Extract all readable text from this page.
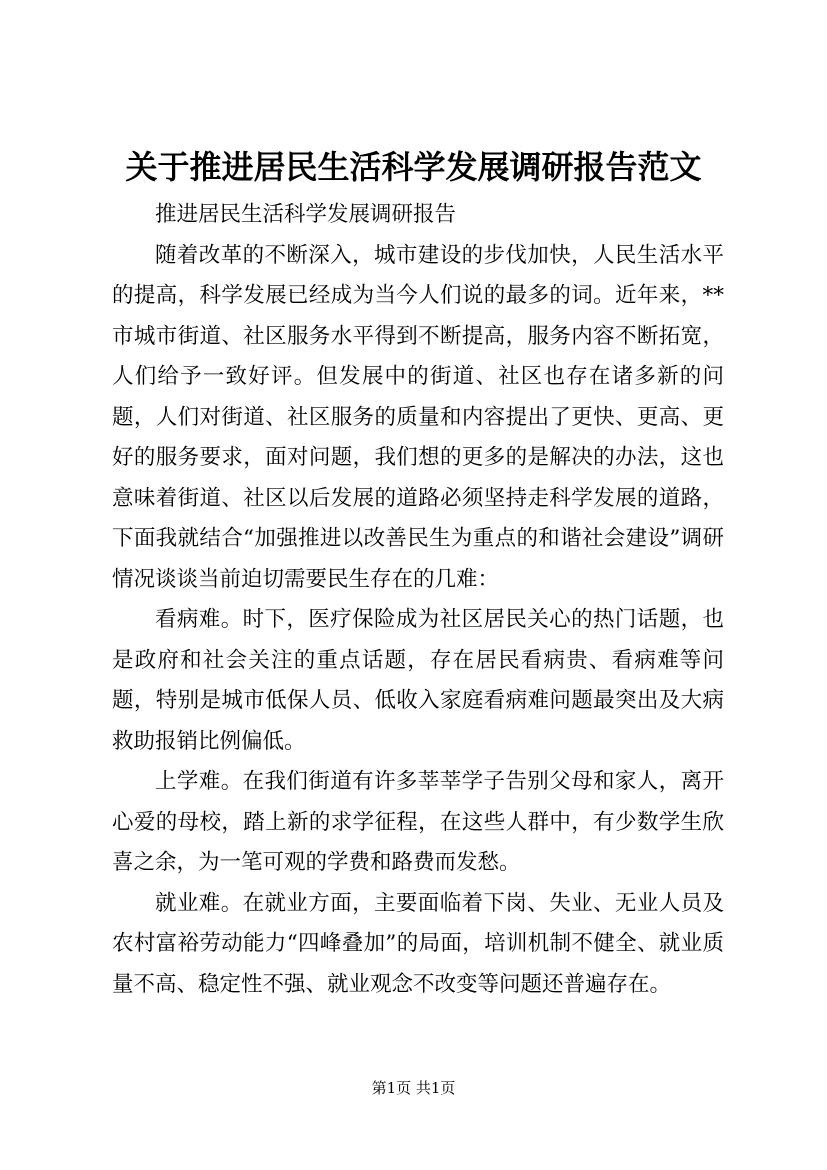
关于推进居民生活科学发展调研报告范文

推进居民生活科学发展调研报告

随着改革的不断深入，城市建设的步伐加快，人民生活水平的提高，科学发展已经成为当今人们说的最多的词。近年来，**市城市街道、社区服务水平得到不断提高，服务内容不断拓宽，人们给予一致好评。但发展中的街道、社区也存在诸多新的问题，人们对街道、社区服务的质量和内容提出了更快、更高、更好的服务要求，面对问题，我们想的更多的是解决的办法，这也意味着街道、社区以后发展的道路必须坚持走科学发展的道路，下面我就结合“加强推进以改善民生为重点的和谐社会建设”调研情况谈谈当前迫切需要民生存在的几难：

看病难。时下，医疗保险成为社区居民关心的热门话题，也是政府和社会关注的重点话题，存在居民看病贵、看病难等问题，特别是城市低保人员、低收入家庭看病难问题最突出及大病救助报销比例偏低。

上学难。在我们街道有许多莘莘学子告别父母和家人，离开心爱的母校，踏上新的求学征程，在这些人群中，有少数学生欣喜之余，为一笔可观的学费和路费而发愁。

就业难。在就业方面，主要面临着下岗、失业、无业人员及农村富裕劳动能力“四峰叠加”的局面，培训机制不健全、就业质量不高、稳定性不强、就业观念不改变等问题还普遍存在。

第1页 共1页
